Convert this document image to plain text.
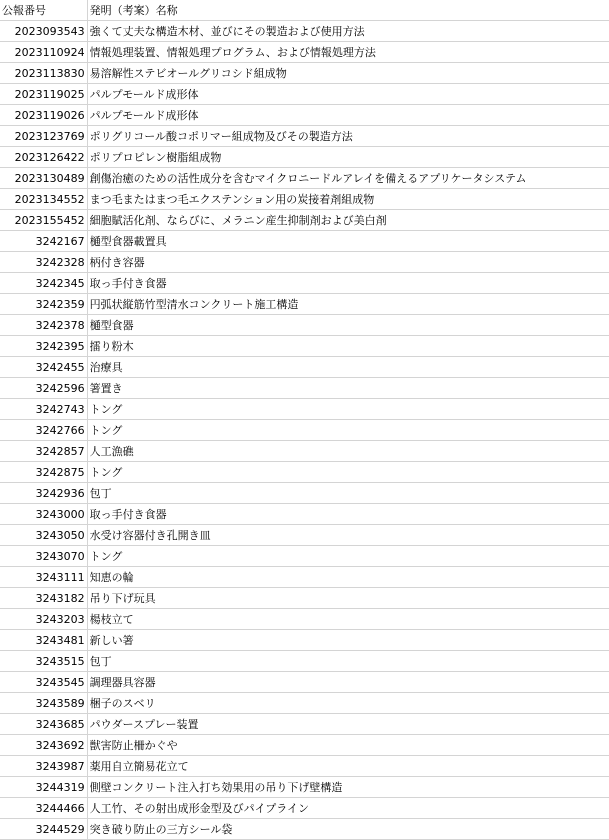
公報番号	発明（考案）名称
2023093543	強くて丈夫な構造木材、並びにその製造および使用方法
2023110924	情報処理装置、情報処理プログラム、および情報処理方法
2023113830	易溶解性ステビオールグリコシド組成物
2023119025	パルプモールド成形体
2023119026	パルプモールド成形体
2023123769	ポリグリコール酸コポリマー組成物及びその製造方法
2023126422	ポリプロピレン樹脂組成物
2023130489	創傷治癒のための活性成分を含むマイクロニードルアレイを備えるアプリケータシステム
2023134552	まつ毛またはまつ毛エクステンション用の炭接着剤組成物
2023155452	細胞賦活化剤、ならびに、メラニン産生抑制剤および美白剤
3242167	樋型食器載置具
3242328	柄付き容器
3242345	取っ手付き食器
3242359	円弧状縦筋竹型清水コンクリート施工構造
3242378	樋型食器
3242395	擂り粉木
3242455	治療具
3242596	箸置き
3242743	トング
3242766	トング
3242857	人工漁礁
3242875	トング
3242936	包丁
3243000	取っ手付き食器
3243050	水受け容器付き孔開き皿
3243070	トング
3243111	知恵の輪
3243182	吊り下げ玩具
3243203	楊枝立て
3243481	新しい箸
3243515	包丁
3243545	調理器具容器
3243589	梱子のスベリ
3243685	パウダースプレー装置
3243692	獣害防止柵かぐや
3243987	薬用自立簡易花立て
3244319	側壁コンクリート注入打ち効果用の吊り下げ壁構造
3244466	人工竹、その射出成形金型及びパイプライン
3244529	突き破り防止の三方シール袋
